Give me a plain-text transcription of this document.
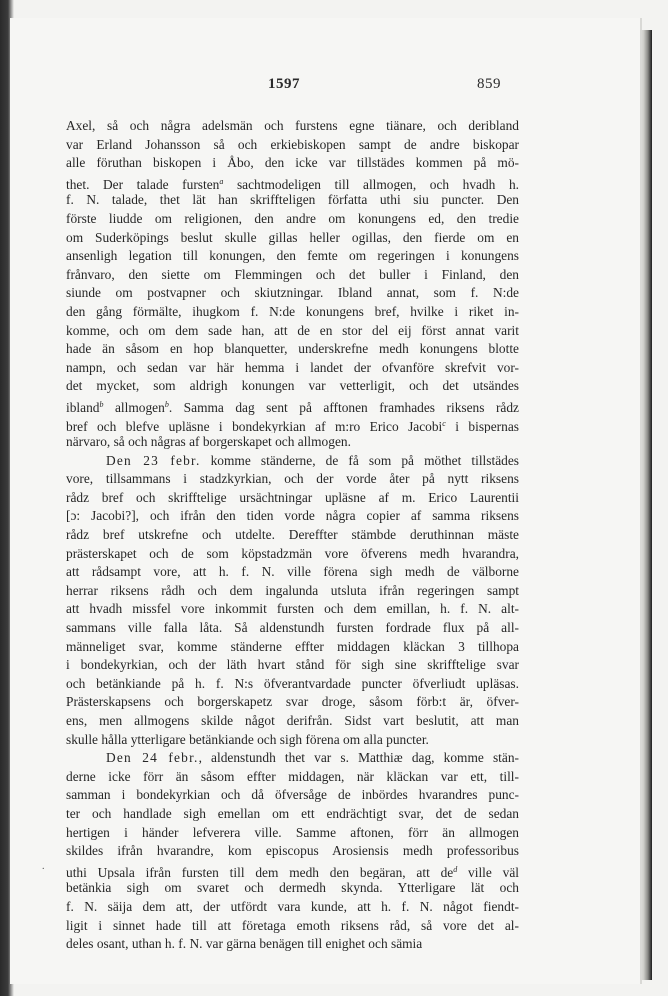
1597	859
Axel, så och några adelsmän och furstens egne tiänare, och deribland
var Erland Johansson så och erkiebiskopen sampt de andre biskopar
alle föruthan biskopen i Åbo, den icke var tillstädes kommen på mö-
thet. Der talade fursten$^a$ sachtmodeligen till allmogen, och hvadh h.
f. N. talade, thet lät han skriffteligen författa uthi siu puncter. Den
förste liudde om religionen, den andre om konungens ed, den tredie
om Suderköpings beslut skulle gillas heller ogillas, den fierde om en
ansenligh legation till konungen, den femte om regeringen i konungens
frånvaro, den siette om Flemmingen och det buller i Finland, den
siunde om postvapner och skiutzningar. Ibland annat, som f. N:de
den gång förmälte, ihugkom f. N:de konungens bref, hvilke i riket in-
komme, och om dem sade han, att de en stor del eij först annat varit
hade än såsom en hop blanquetter, underskrefne medh konungens blotte
nampn, och sedan var här hemma i landet der ofvanföre skrefvit vor-
det mycket, som aldrigh konungen var vetterligit, och det utsändes
ibland$^b$ allmogen$^b$. Samma dag sent på afftonen framhades riksens rådz
bref och blefve upläsne i bondekyrkian af m:ro Erico Jacobi$^c$ i bispernas
närvaro, så och någras af borgerskapet och allmogen.
Den 23 febr. komme ständerne, de få som på möthet tillstädes
vore, tillsammans i stadzkyrkian, och der vorde åter på nytt riksens
rådz bref och skrifftelige ursächtningar upläsne af m. Erico Laurentii
[ɔ: Jacobi?], och ifrån den tiden vorde några copier af samma riksens
rådz bref utskrefne och utdelte. Dereffter stämbde deruthinnan mäste
prästerskapet och de som köpstadzmän vore öfverens medh hvarandra,
att rådsampt vore, att h. f. N. ville förena sigh medh de välborne
herrar riksens rådh och dem ingalunda utsluta ifrån regeringen sampt
att hvadh missfel vore inkommit fursten och dem emillan, h. f. N. alt-
sammans ville falla låta. Så aldenstundh fursten fordrade flux på all-
männeliget svar, komme ständerne effter middagen kläckan 3 tillhopa
i bondekyrkian, och der läth hvart stånd för sigh sine skrifftelige svar
och betänkiande på h. f. N:s öfverantvardade puncter öfverliudt upläsas.
Prästerskapsens och borgerskapetz svar droge, såsom förb:t är, öfver-
ens, men allmogens skilde något derifrån. Sidst vart beslutit, att man
skulle hålla ytterligare betänkiande och sigh förena om alla puncter.
Den 24 febr., aldenstundh thet var s. Matthiæ dag, komme stän-
derne icke förr än såsom effter middagen, när kläckan var ett, till-
samman i bondekyrkian och då öfversåge de inbördes hvarandres punc-
ter och handlade sigh emellan om ett endrächtigt svar, det de sedan
hertigen i händer lefverera ville. Samme aftonen, förr än allmogen
skildes ifrån hvarandre, kom episcopus Arosiensis medh professoribus
uthi Upsala ifrån fursten till dem medh den begäran, att $de^d$ ville väl
betänkia sigh om svaret och dermedh skynda. Ytterligare lät och
f. N. säija dem att, der utfördt vara kunde, att h. f. N. något fiendt-
ligit i sinnet hade till att företaga emoth riksens råd, så vore det al-
deles osant, uthan h. f. N. var gärna benägen till enighet och sämia
.
